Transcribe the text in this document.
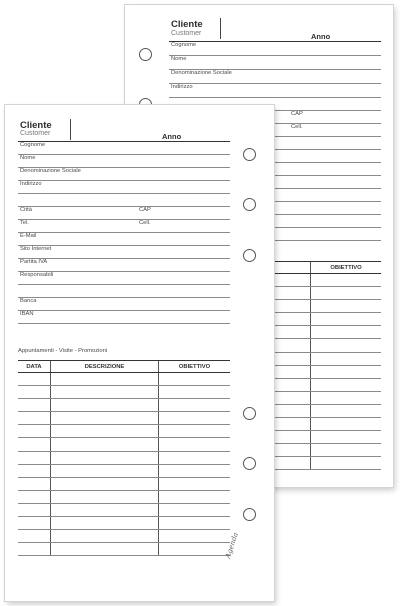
Cliente
Customer	Anno
Cognome
Nome
Denominazione Sociale
Indirizzo
CAP
Cell.
	OBIETTIVO

Cliente
Customer	Anno
Cognome
Nome
Denominazione Sociale
Indirizzo
Città	CAP
Tel.	Cell.
E-Mail
Sito Internet
Partita IVA
Responsabili
Banca
IBAN
Appuntamenti - Visite - Promozioni
DATA	DESCRIZIONE	OBIETTIVO

Agenda
